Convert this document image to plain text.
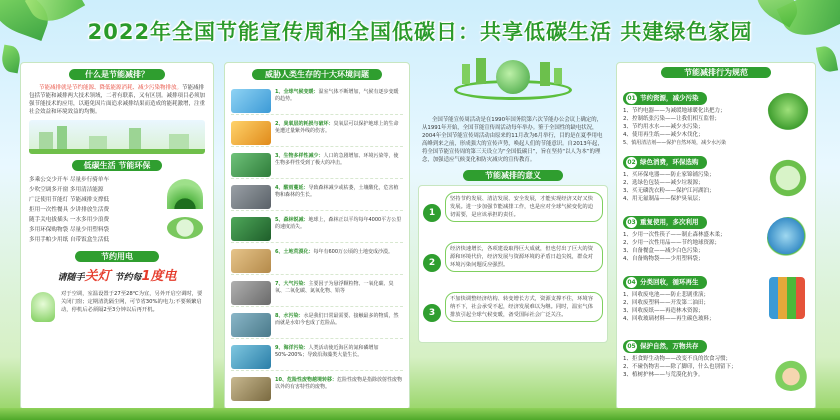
2022年全国节能宣传周和全国低碳日：共享低碳生活 共建绿色家园
什么是节能减排？
节能减排就是节约能源、降低能源消耗、减少污染物排放。节能减排包括节能和减排两大技术领域，二者有联系，又有区别。减排项目必须加强节能技术的应用，以避免因片面追求减排结果而造成的能耗激增，注重社会效益和环境效益的均衡。
低碳生活 节能环保
多乘公交少开车 尽量步行骑单车
少吹空调多开窗 多用清洁能源
广泛使用节能灯 节能减排支撑低
拒用一次性餐具 少讲排放生活费
随手关电拔插头 一水多用少浪费
多用环保购物袋 尽量少用塑料袋
多用手帕少用纸 自带饭盒生活低
节约用电
请随手关灯 节约每1度电
对于空调，室温设置于27至28℃为宜，另外开启空调时，要关闭门窗；定期清洗隔尘网，可节省30%的电力;不要频繁启动，停机后必须隔2至3分钟以后再开机。
威胁人类生存的十大环境问题
1、全球气候变暖：温室气体不断增加，气候有逐步变暖的趋势。
2、臭氧层的耗损与破坏：臭氧层可以保护地球上的生命免遭过量紫外线的伤害。
3、生物多样性减少：人口的急剧增加、环境污染等，使生物多样性受到了极大的冲击。
4、酸雨蔓延：导致森林减少或枯萎，土壤酸化，危害植物和森林的生长。
5、森林锐减：地球上，森林正以平均每年4000平方公里的速度消失。
6、土地荒漠化：每年有600万公顷的土地变成沙漠。
7、大气污染：主要因子为悬浮颗粒物、一氧化碳、臭氧、二氧化碳、氮氧化物、铅等
8、水污染：水是我们日常最需要、接触最多的物质，然而就是水如今也成了危险品。
9、海洋污染：人类活动使近海区的氮和磷增加50%-200%；导致沿海藻类大量生长。
10、危险性废物越境转移：危险性废物是指除放射性废物以外的有害特性的废物。
全国节能宣传周活动是在1990年国务院第六次节能办公会议上确定的，从1991年开始，全国节能宣传周活动每年举办。鉴于全国性的缺电状况，2004年全国节能宣传周活动由原来的11月改为6月举行，目的是在夏季用电高峰到来之前，形成强大的宣传声势，唤起人们的节能意识。自2013年起，将全国节能宣传周的第三天设立为“全国低碳日”，旨在坚持“以人为本”的理念，加强适应气候变化和防灾减灾的宣传教育。
节能减排的意义
1
坚持节约发展、清洁发展、安全发展，才能实现经济又好又快发展。进一步加强节能减排工作，也是应对全球气候变化的迫切需要，是应该承担的责任。
2
经济快速增长，各项建设取得巨大成就，但也付出了巨大的资源和环境代价，经济发展与资源环境的矛盾日趋尖锐，群众对环境污染问题反应强烈。
3
不加快调整经济结构、转变增长方式，资源支撑不住，环境容纳不下，社会承受不起，经济发展难以为继。同时，温室气体排放引起全球气候变暖，备受国际社会广泛关注。
节能减排行为规范
01 节约资源，减少污染
1、节约电器——为减缓地球暖化出把力；
2、控制纸张污染——让我们相互监督；
3、节约用水水——减少水污染；
4、使用再生纸——减少木伐化；
5、慎用清洁剂——保护自然环境，减少水污染
02 绿色消费，环保选购
1、买环保电器——防止家锦铺污染；
2、选绿色包装——减少垃圾源；
3、买无磷洗衣粉——保护江河湖泊；
4、用无氟制品——保护臭氧层；
03 重复使用，多次利用
1、少用一次性筷子——制止森林盛木柔；
2、少用一次性用品——节约地球资源；
3、自备餐盒——减少白色污染；
4、自备购物袋——少用塑料袋；
04 分类回收，循环再生
1、回收废电池——防止悲剧重演；
2、回收废塑料——开发第二油田；
3、回收废纸——再造林木资源；
4、回收玻璃材料——再生碳色玻料；
05 保护自然，万物共存
1、拒食野生动物——改变不良的饮食习惯；
2、不碰伤物害——除了脚印，什么也别留下；
3、植树护林——与荒漠化抗争。
